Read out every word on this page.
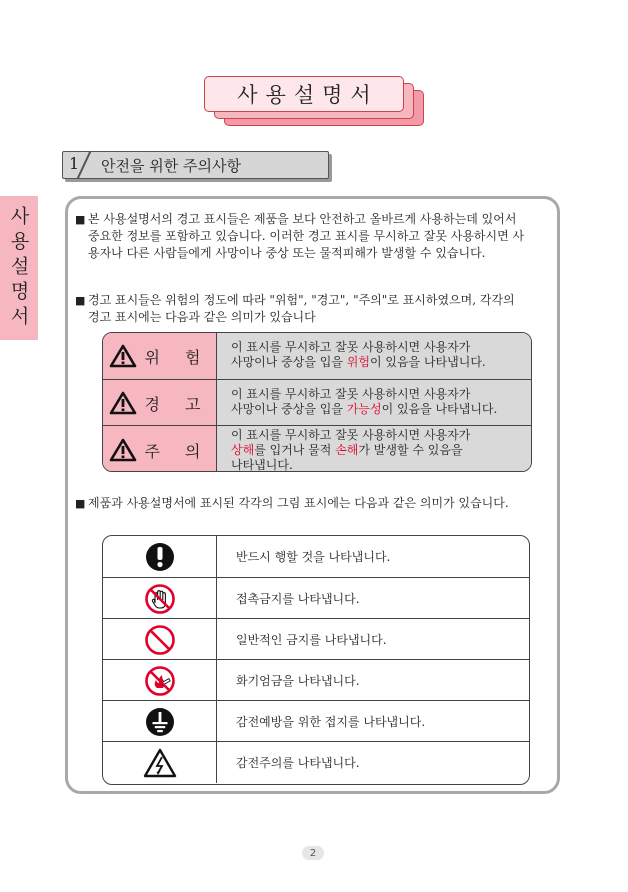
사용설명서
사용설명서
1 안전을 위한 주의사항
■ 본 사용설명서의 경고 표시들은 제품을 보다 안전하고 올바르게 사용하는데 있어서 중요한 정보를 포함하고 있습니다. 이러한 경고 표시를 무시하고 잘못 사용하시면 사용자나 다른 사람들에게 사망이나 중상 또는 물적피해가 발생할 수 있습니다.
■ 경고 표시들은 위험의 정도에 따라 "위험", "경고", "주의"로 표시하였으며, 각각의 경고 표시에는 다음과 같은 의미가 있습니다
위 험
이 표시를 무시하고 잘못 사용하시면 사용자가
사망이나 중상을 입을 위험이 있음을 나타냅니다.
경 고
이 표시를 무시하고 잘못 사용하시면 사용자가
사망이나 중상을 입을 가능성이 있음을 나타냅니다.
주 의
이 표시를 무시하고 잘못 사용하시면 사용자가
상해를 입거나 물적 손해가 발생할 수 있음을
나타냅니다.
■ 제품과 사용설명서에 표시된 각각의 그림 표시에는 다음과 같은 의미가 있습니다.
반드시 행할 것을 나타냅니다.
접촉금지를 나타냅니다.
일반적인 금지를 나타냅니다.
화기엄금을 나타냅니다.
감전예방을 위한 접지를 나타냅니다.
감전주의를 나타냅니다.
2
